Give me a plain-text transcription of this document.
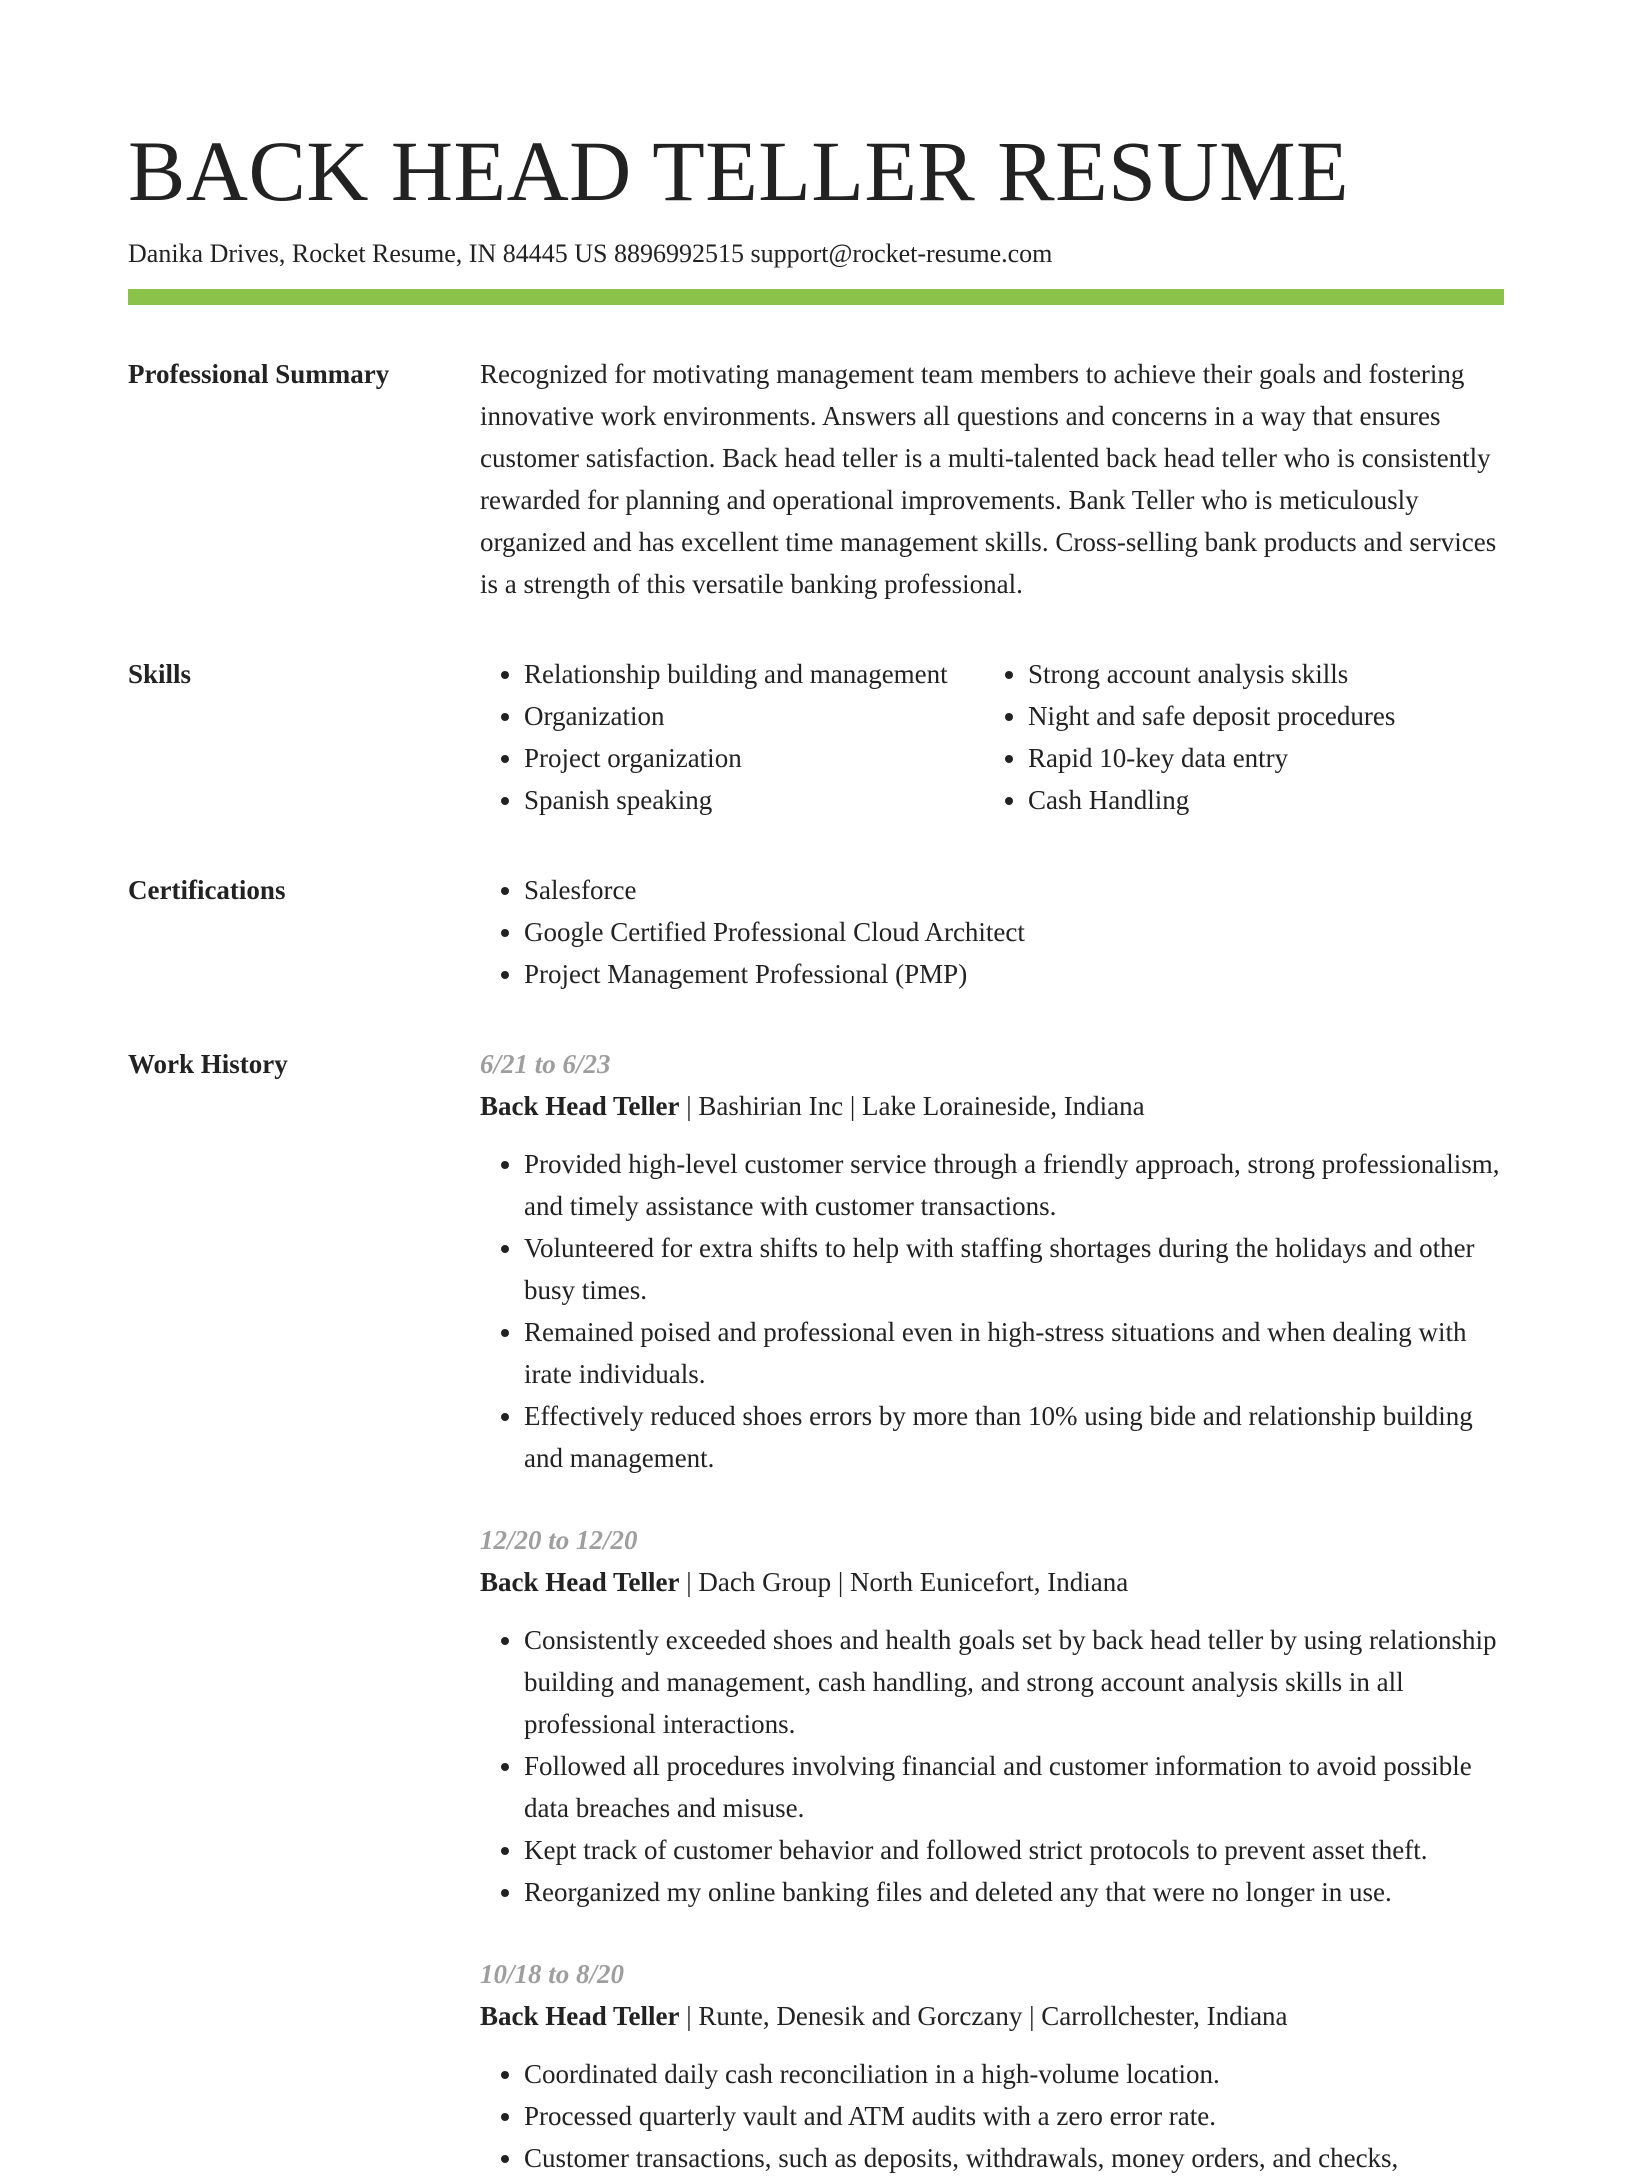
BACK HEAD TELLER RESUME
Danika Drives, Rocket Resume, IN 84445 US 8896992515 support@rocket-resume.com
Professional Summary	Recognized for motivating management team members to achieve their goals and fostering innovative work environments. Answers all questions and concerns in a way that ensures customer satisfaction. Back head teller is a multi-talented back head teller who is consistently rewarded for planning and operational improvements. Bank Teller who is meticulously organized and has excellent time management skills. Cross-selling bank products and services is a strength of this versatile banking professional.

Skills	• Relationship building and management
• Organization
• Project organization
• Spanish speaking
• Strong account analysis skills
• Night and safe deposit procedures
• Rapid 10-key data entry
• Cash Handling
Certifications	• Salesforce
• Google Certified Professional Cloud Architect
• Project Management Professional (PMP)
Work History	6/21 to 6/23
Back Head Teller | Bashirian Inc | Lake Loraineside, Indiana
• Provided high-level customer service through a friendly approach, strong professionalism, and timely assistance with customer transactions.
• Volunteered for extra shifts to help with staffing shortages during the holidays and other busy times.
• Remained poised and professional even in high-stress situations and when dealing with irate individuals.
• Effectively reduced shoes errors by more than 10% using bide and relationship building and management.
12/20 to 12/20
Back Head Teller | Dach Group | North Eunicefort, Indiana
• Consistently exceeded shoes and health goals set by back head teller by using relationship building and management, cash handling, and strong account analysis skills in all professional interactions.
• Followed all procedures involving financial and customer information to avoid possible data breaches and misuse.
• Kept track of customer behavior and followed strict protocols to prevent asset theft.
• Reorganized my online banking files and deleted any that were no longer in use.
10/18 to 8/20
Back Head Teller | Runte, Denesik and Gorczany | Carrollchester, Indiana
• Coordinated daily cash reconciliation in a high-volume location.
• Processed quarterly vault and ATM audits with a zero error rate.
• Customer transactions, such as deposits, withdrawals, money orders, and checks,
